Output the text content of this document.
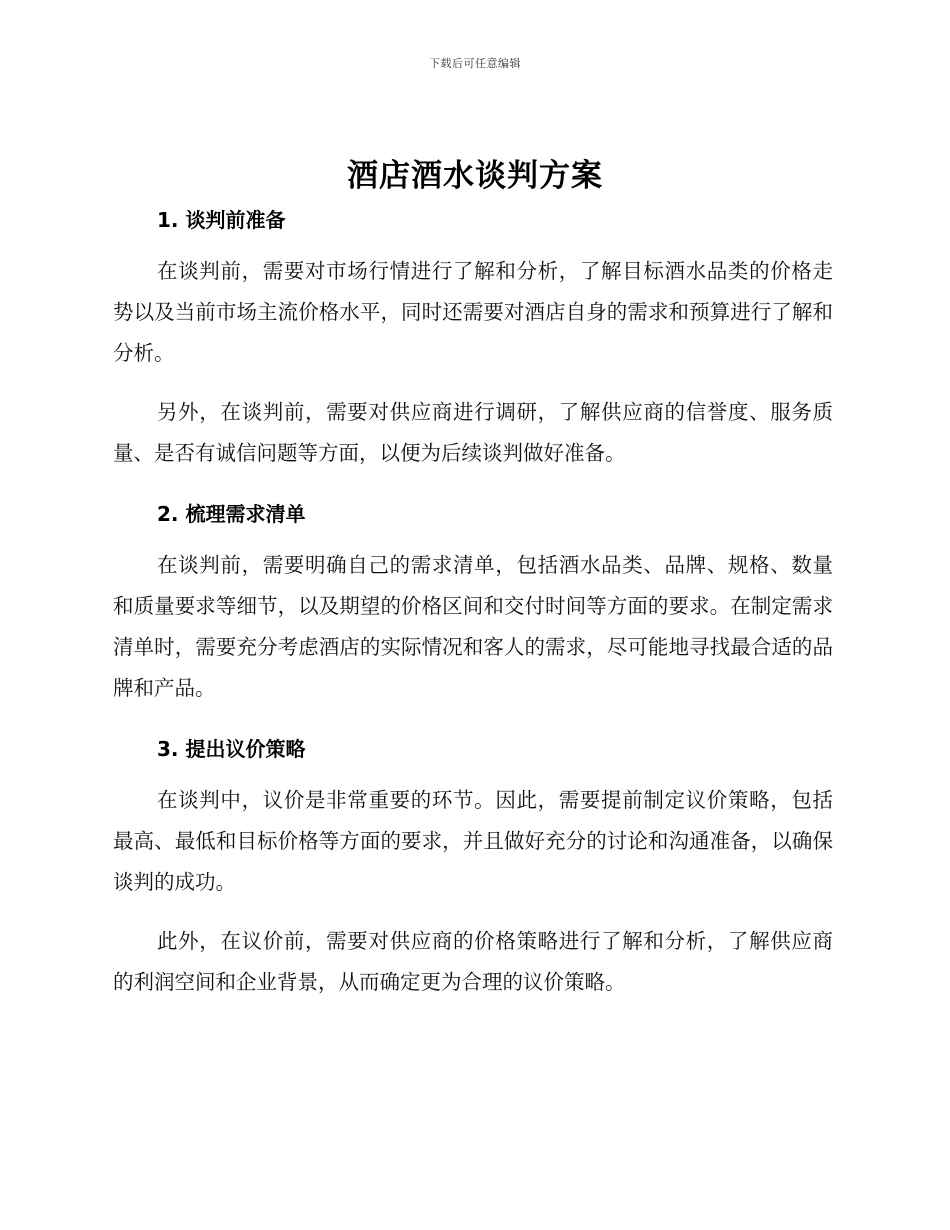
下载后可任意编辑
酒店酒水谈判方案
1. 谈判前准备

在谈判前，需要对市场行情进行了解和分析，了解目标酒水品类的价格走势以及当前市场主流价格水平，同时还需要对酒店自身的需求和预算进行了解和分析。

另外，在谈判前，需要对供应商进行调研，了解供应商的信誉度、服务质量、是否有诚信问题等方面，以便为后续谈判做好准备。

2. 梳理需求清单

在谈判前，需要明确自己的需求清单，包括酒水品类、品牌、规格、数量和质量要求等细节，以及期望的价格区间和交付时间等方面的要求。在制定需求清单时，需要充分考虑酒店的实际情况和客人的需求，尽可能地寻找最合适的品牌和产品。

3. 提出议价策略

在谈判中，议价是非常重要的环节。因此，需要提前制定议价策略，包括最高、最低和目标价格等方面的要求，并且做好充分的讨论和沟通准备，以确保谈判的成功。

此外，在议价前，需要对供应商的价格策略进行了解和分析，了解供应商的利润空间和企业背景，从而确定更为合理的议价策略。
